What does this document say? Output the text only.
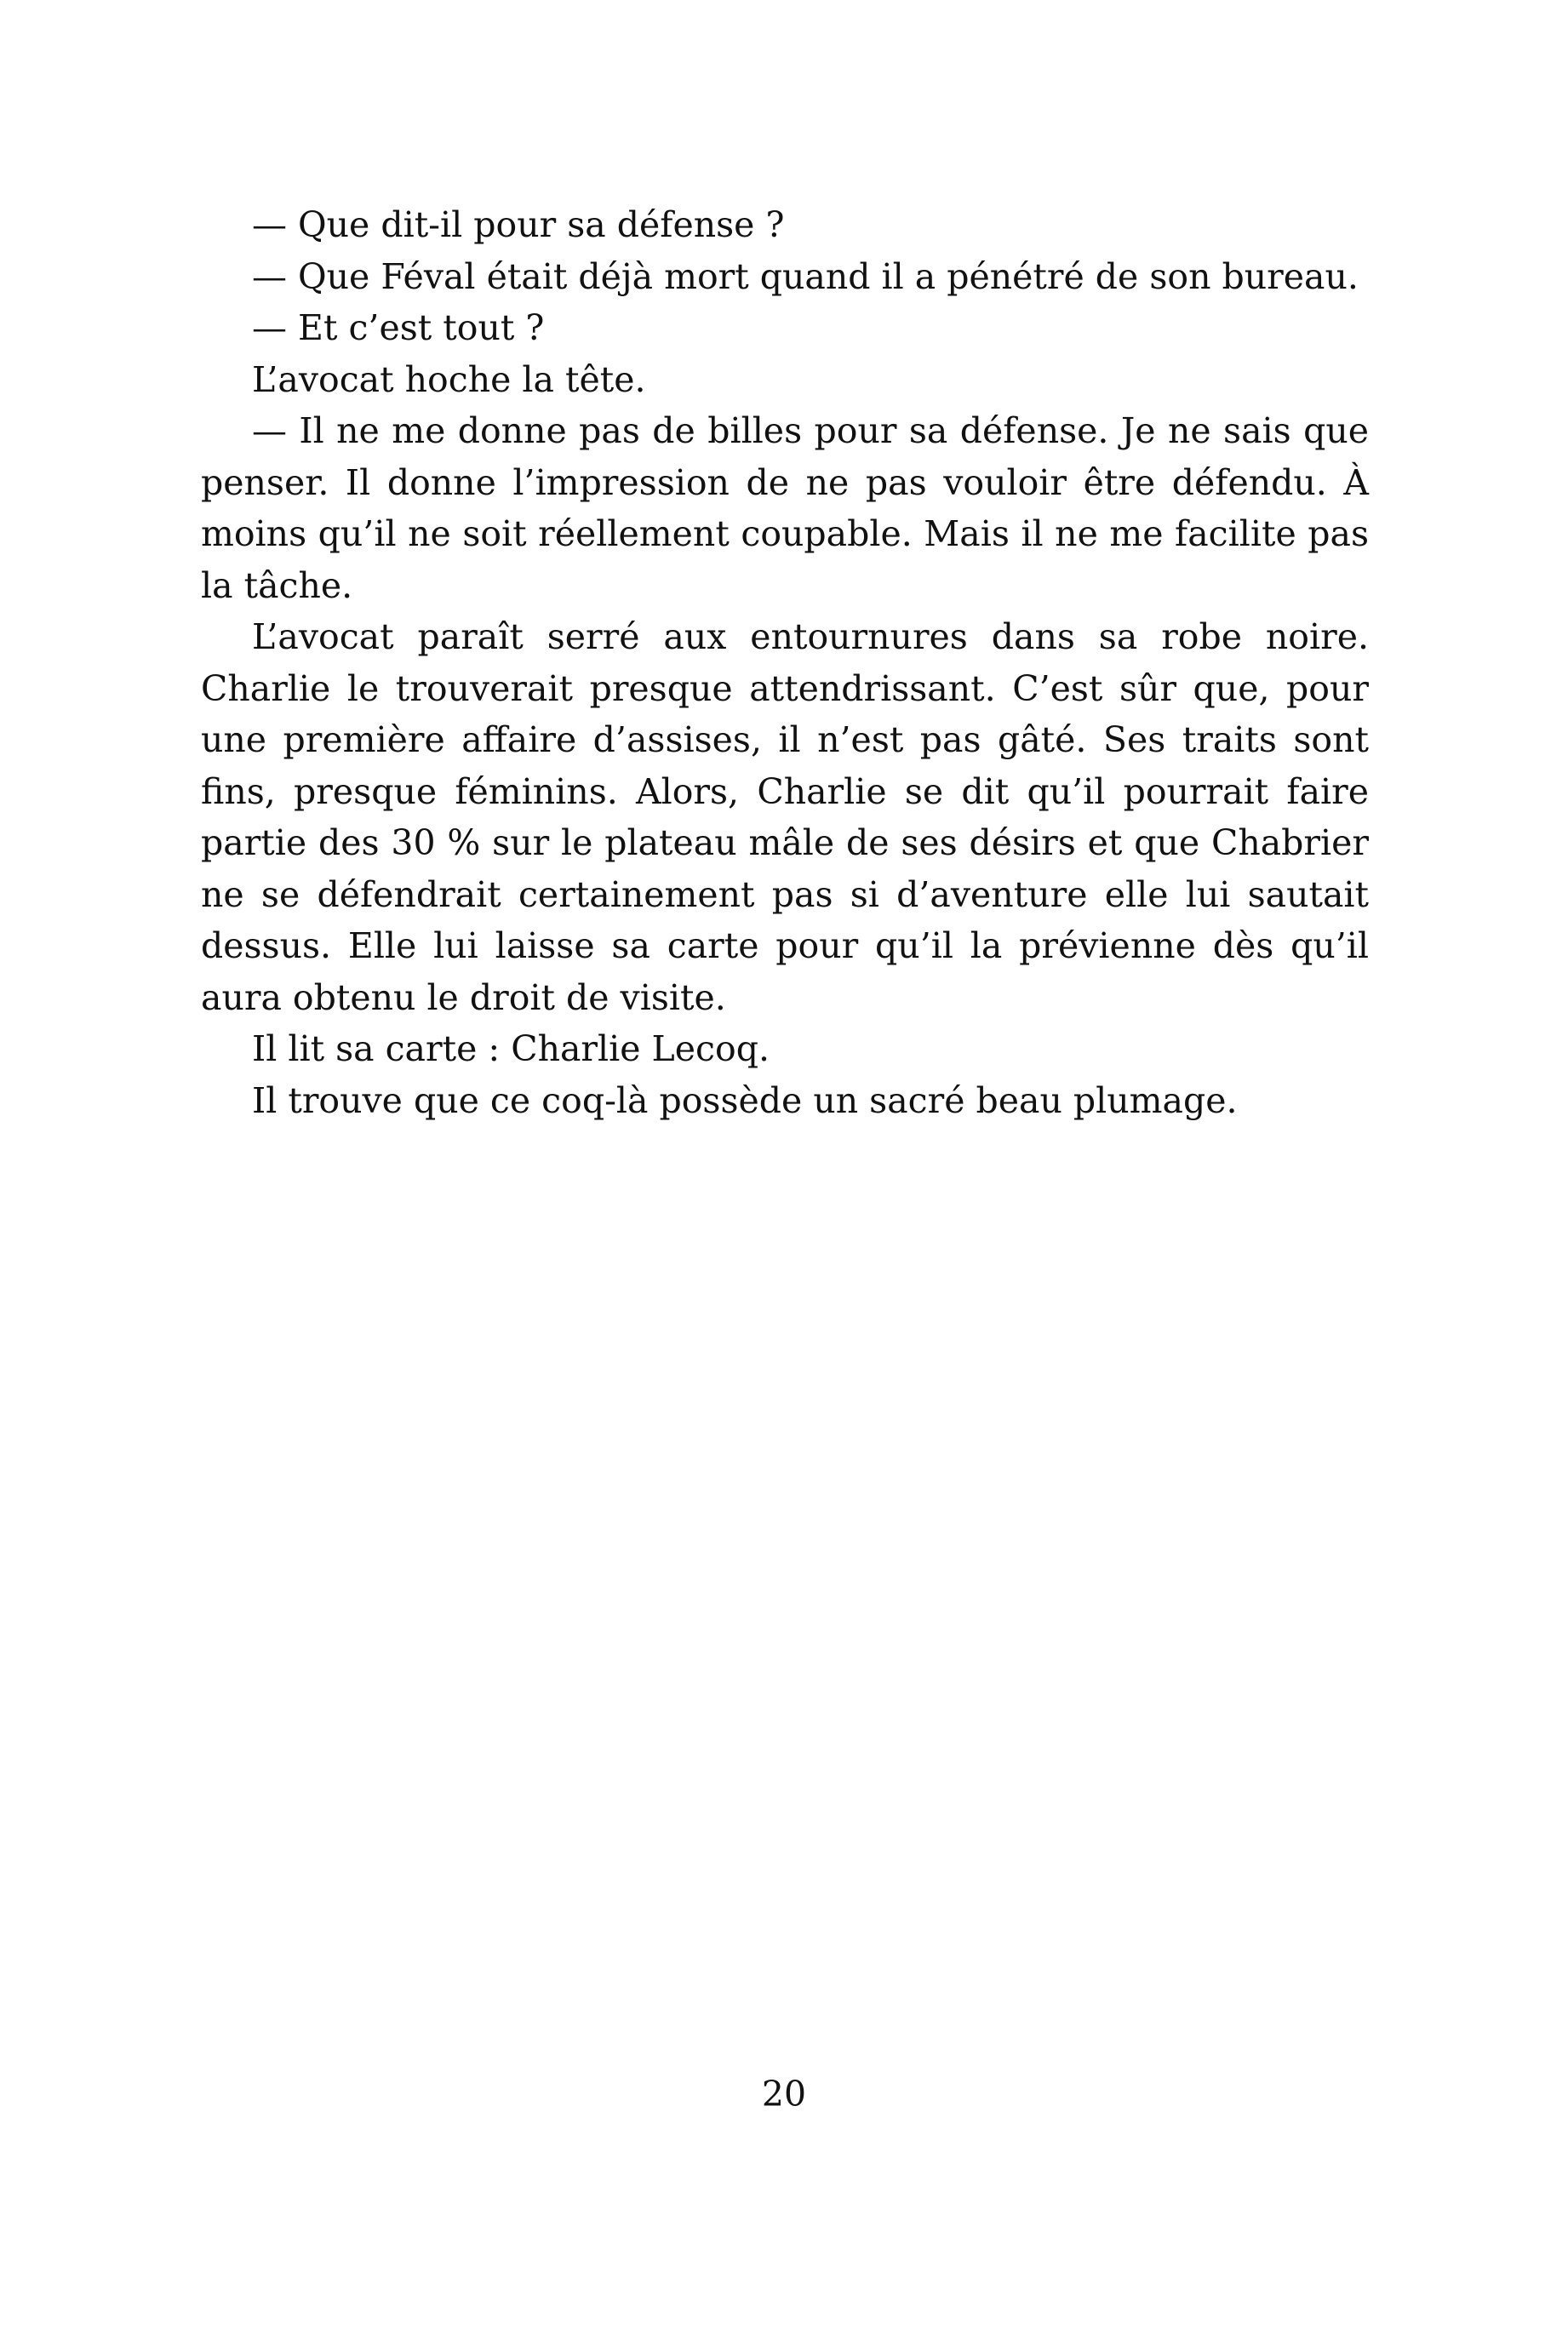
— Que dit-il pour sa défense ?

— Que Féval était déjà mort quand il a pénétré de son bureau.

— Et c’est tout ?

L’avocat hoche la tête.

— Il ne me donne pas de billes pour sa défense. Je ne sais que penser. Il donne l’impression de ne pas vouloir être défendu. À moins qu’il ne soit réellement coupable. Mais il ne me facilite pas la tâche.

L’avocat paraît serré aux entournures dans sa robe noire. Charlie le trouverait presque attendrissant. C’est sûr que, pour une première affaire d’assises, il n’est pas gâté. Ses traits sont fins, presque féminins. Alors, Charlie se dit qu’il pourrait faire partie des 30 % sur le plateau mâle de ses désirs et que Chabrier ne se défendrait certainement pas si d’aventure elle lui sautait dessus. Elle lui laisse sa carte pour qu’il la prévienne dès qu’il aura obtenu le droit de visite.

Il lit sa carte : Charlie Lecoq.

Il trouve que ce coq-là possède un sacré beau plumage.

20
